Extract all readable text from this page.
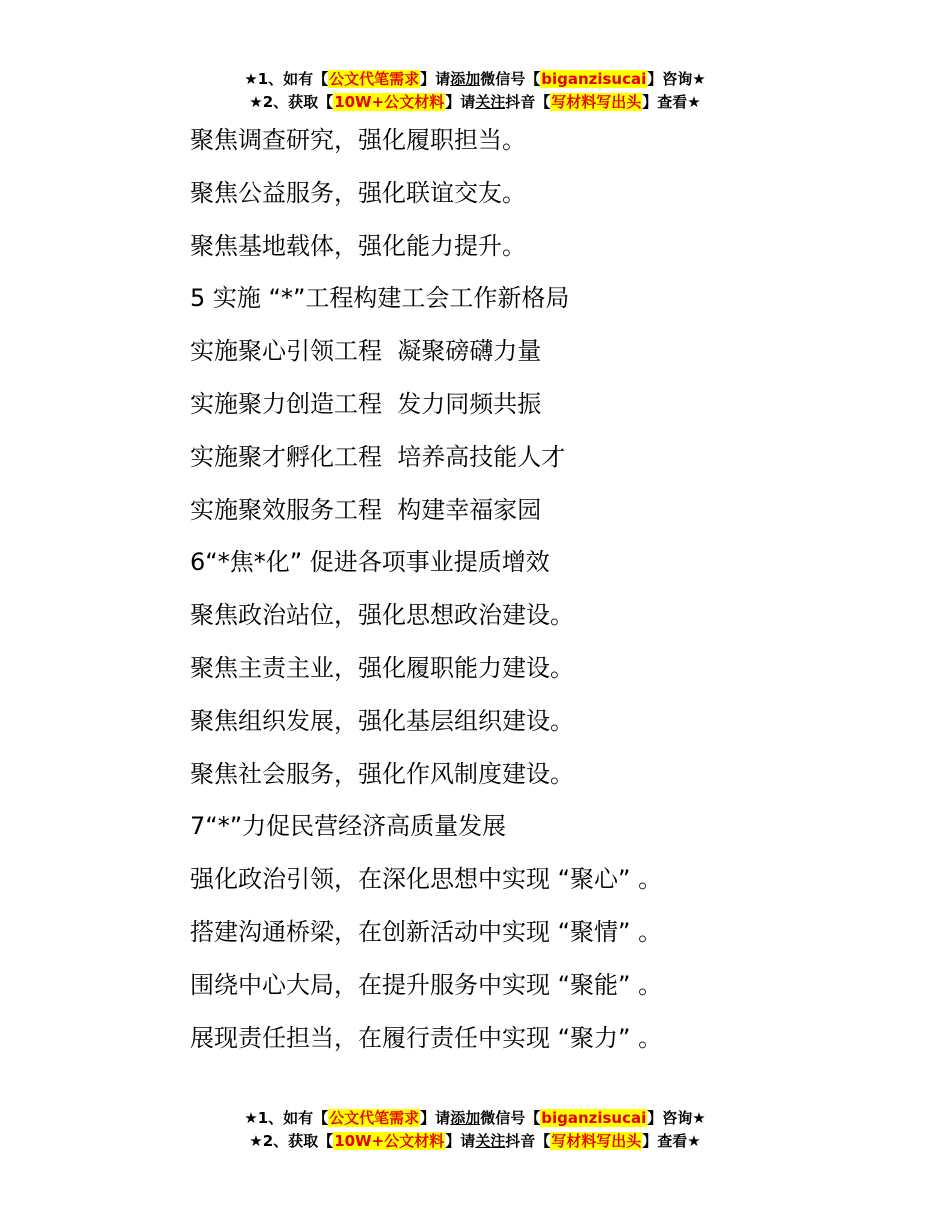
★1、如有【公文代笔需求】请添加微信号【biganzisucai】咨询★
★2、获取【10W+公文材料】请关注抖音【写材料写出头】查看★

聚焦调查研究，强化履职担当。

聚焦公益服务，强化联谊交友。

聚焦基地载体，强化能力提升。

5 实施 “*”工程构建工会工作新格局

实施聚心引领工程  凝聚磅礴力量

实施聚力创造工程  发力同频共振

实施聚才孵化工程  培养高技能人才

实施聚效服务工程  构建幸福家园

6“*焦*化” 促进各项事业提质增效

聚焦政治站位，强化思想政治建设。

聚焦主责主业，强化履职能力建设。

聚焦组织发展，强化基层组织建设。

聚焦社会服务，强化作风制度建设。

7“*”力促民营经济高质量发展

强化政治引领，在深化思想中实现 “聚心” 。

搭建沟通桥梁，在创新活动中实现 “聚情” 。

围绕中心大局，在提升服务中实现 “聚能” 。

展现责任担当，在履行责任中实现 “聚力” 。

★1、如有【公文代笔需求】请添加微信号【biganzisucai】咨询★
★2、获取【10W+公文材料】请关注抖音【写材料写出头】查看★
